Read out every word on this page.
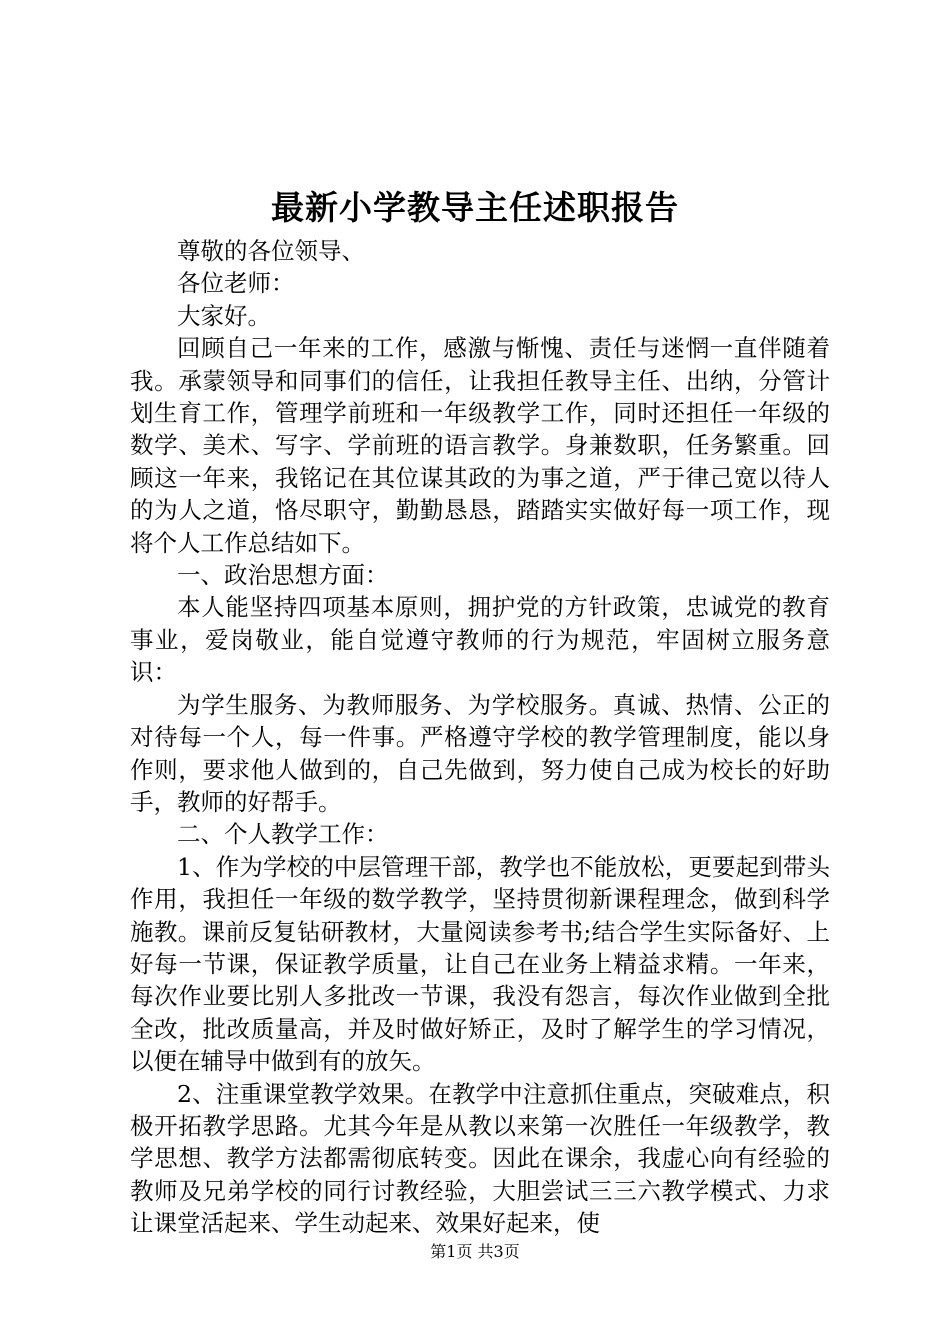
最新小学教导主任述职报告

尊敬的各位领导、

各位老师：

大家好。

回顾自己一年来的工作，感激与惭愧、责任与迷惘一直伴随着我。承蒙领导和同事们的信任，让我担任教导主任、出纳，分管计划生育工作，管理学前班和一年级教学工作，同时还担任一年级的数学、美术、写字、学前班的语言教学。身兼数职，任务繁重。回顾这一年来，我铭记在其位谋其政的为事之道，严于律己宽以待人的为人之道，恪尽职守，勤勤恳恳，踏踏实实做好每一项工作，现将个人工作总结如下。

一、政治思想方面：

本人能坚持四项基本原则，拥护党的方针政策，忠诚党的教育事业，爱岗敬业，能自觉遵守教师的行为规范，牢固树立服务意识：

为学生服务、为教师服务、为学校服务。真诚、热情、公正的对待每一个人，每一件事。严格遵守学校的教学管理制度，能以身作则，要求他人做到的，自己先做到，努力使自己成为校长的好助手，教师的好帮手。

二、个人教学工作：

1、作为学校的中层管理干部，教学也不能放松，更要起到带头作用，我担任一年级的数学教学，坚持贯彻新课程理念，做到科学施教。课前反复钻研教材，大量阅读参考书;结合学生实际备好、上好每一节课，保证教学质量，让自己在业务上精益求精。一年来，每次作业要比别人多批改一节课，我没有怨言，每次作业做到全批全改，批改质量高，并及时做好矫正，及时了解学生的学习情况，以便在辅导中做到有的放矢。

2、注重课堂教学效果。在教学中注意抓住重点，突破难点，积极开拓教学思路。尤其今年是从教以来第一次胜任一年级教学，教学思想、教学方法都需彻底转变。因此在课余，我虚心向有经验的教师及兄弟学校的同行讨教经验，大胆尝试三三六教学模式、力求让课堂活起来、学生动起来、效果好起来，使

第1页 共3页
